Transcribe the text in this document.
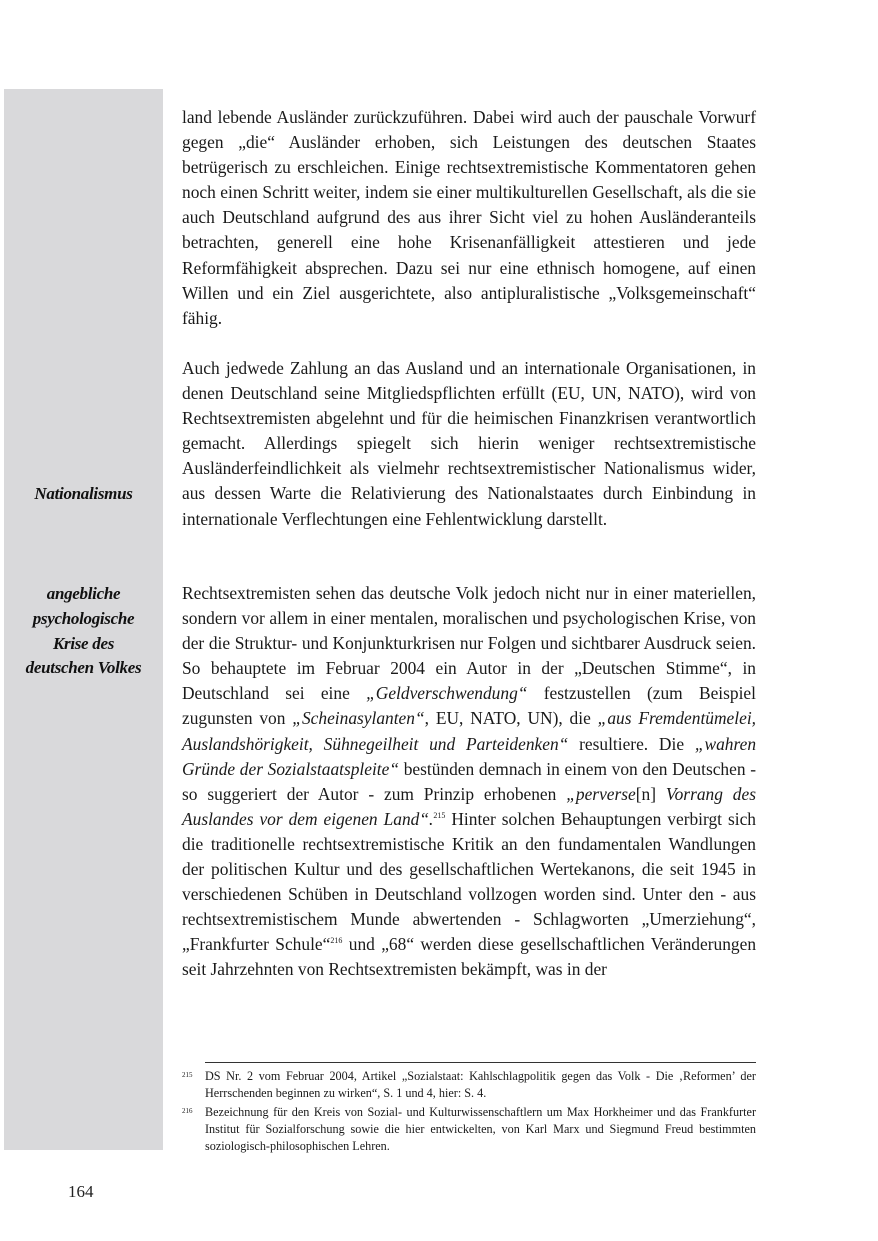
Nationalismus
angebliche
psychologische
Krise des
deutschen Volkes

land lebende Ausländer zurückzuführen. Dabei wird auch der pauschale Vorwurf gegen „die“ Ausländer erhoben, sich Leistungen des deutschen Staates betrügerisch zu erschleichen. Einige rechtsextremistische Kommentatoren gehen noch einen Schritt weiter, indem sie einer multikulturellen Gesellschaft, als die sie auch Deutschland aufgrund des aus ihrer Sicht viel zu hohen Ausländeranteils betrachten, generell eine hohe Krisenanfälligkeit attestieren und jede Reformfähigkeit absprechen. Dazu sei nur eine ethnisch homogene, auf einen Willen und ein Ziel ausgerichtete, also antipluralistische „Volksgemeinschaft“ fähig.

Auch jedwede Zahlung an das Ausland und an internationale Organisationen, in denen Deutschland seine Mitgliedspflichten erfüllt (EU, UN, NATO), wird von Rechtsextremisten abgelehnt und für die heimischen Finanzkrisen verantwortlich gemacht. Allerdings spiegelt sich hierin weniger rechtsextremistische Ausländerfeindlichkeit als vielmehr rechtsextremistischer Nationalismus wider, aus dessen Warte die Relativierung des Nationalstaates durch Einbindung in internationale Verflechtungen eine Fehlentwicklung darstellt.

Rechtsextremisten sehen das deutsche Volk jedoch nicht nur in einer materiellen, sondern vor allem in einer mentalen, moralischen und psychologischen Krise, von der die Struktur- und Konjunkturkrisen nur Folgen und sichtbarer Ausdruck seien. So behauptete im Februar 2004 ein Autor in der „Deutschen Stimme“, in Deutschland sei eine „Geldverschwendung“ festzustellen (zum Beispiel zugunsten von „Scheinasylanten“, EU, NATO, UN), die „aus Fremdentümelei, Auslandshörigkeit, Sühnegeilheit und Parteidenken“ resultiere. Die „wahren Gründe der Sozialstaatspleite“ bestünden demnach in einem von den Deutschen - so suggeriert der Autor - zum Prinzip erhobenen „perverse[n] Vorrang des Auslandes vor dem eigenen Land“.$^{215}$ Hinter solchen Behauptungen verbirgt sich die traditionelle rechtsextremistische Kritik an den fundamentalen Wandlungen der politischen Kultur und des gesellschaftlichen Wertekanons, die seit 1945 in verschiedenen Schüben in Deutschland vollzogen worden sind. Unter den - aus rechtsextremistischem Munde abwertenden - Schlagworten „Umerziehung“, „Frankfurter Schule“$^{216}$ und „68“ werden diese gesellschaftlichen Veränderungen seit Jahrzehnten von Rechtsextremisten bekämpft, was in der

215	DS Nr. 2 vom Februar 2004, Artikel „Sozialstaat: Kahlschlagpolitik gegen das Volk - Die ‚Reformen’ der Herrschenden beginnen zu wirken“, S. 1 und 4, hier: S. 4.
216	Bezeichnung für den Kreis von Sozial- und Kulturwissenschaftlern um Max Horkheimer und das Frankfurter Institut für Sozialforschung sowie die hier entwickelten, von Karl Marx und Siegmund Freud bestimmten soziologisch-philosophischen Lehren.
164
